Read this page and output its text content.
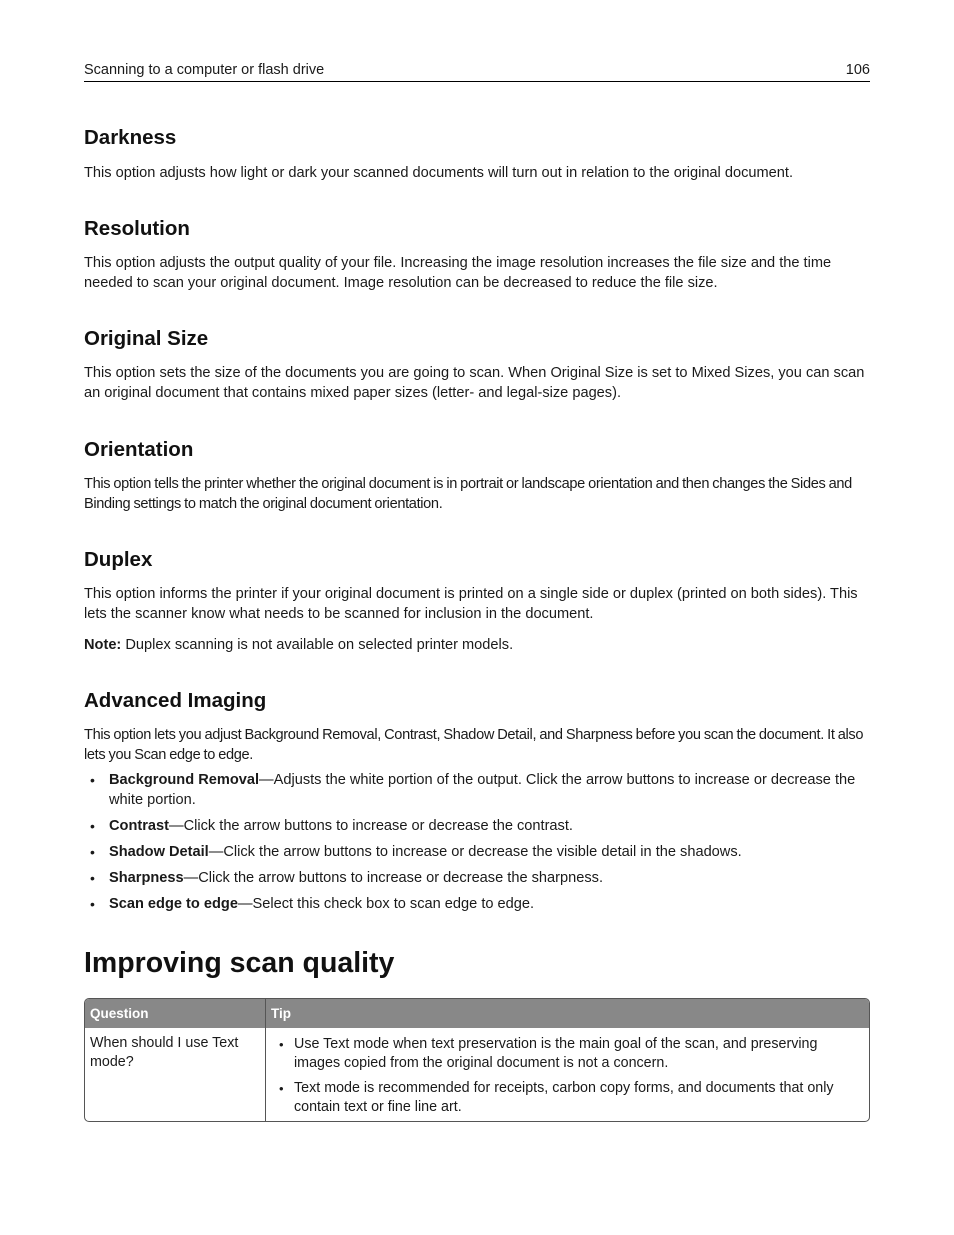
Scanning to a computer or flash drive	106
Darkness

This option adjusts how light or dark your scanned documents will turn out in relation to the original document.

Resolution

This option adjusts the output quality of your file. Increasing the image resolution increases the file size and the time needed to scan your original document. Image resolution can be decreased to reduce the file size.

Original Size

This option sets the size of the documents you are going to scan. When Original Size is set to Mixed Sizes, you can scan an original document that contains mixed paper sizes (letter- and legal-size pages).

Orientation

This option tells the printer whether the original document is in portrait or landscape orientation and then changes the Sides and Binding settings to match the original document orientation.

Duplex

This option informs the printer if your original document is printed on a single side or duplex (printed on both sides). This lets the scanner know what needs to be scanned for inclusion in the document.

Note: Duplex scanning is not available on selected printer models.

Advanced Imaging

This option lets you adjust Background Removal, Contrast, Shadow Detail, and Sharpness before you scan the document. It also lets you Scan edge to edge.

• Background Removal—Adjusts the white portion of the output. Click the arrow buttons to increase or decrease the white portion.
• Contrast—Click the arrow buttons to increase or decrease the contrast.
• Shadow Detail—Click the arrow buttons to increase or decrease the visible detail in the shadows.
• Sharpness—Click the arrow buttons to increase or decrease the sharpness.
• Scan edge to edge—Select this check box to scan edge to edge.
Improving scan quality
Question	Tip
When should I use Text mode?
• Use Text mode when text preservation is the main goal of the scan, and preserving images copied from the original document is not a concern.
• Text mode is recommended for receipts, carbon copy forms, and documents that only contain text or fine line art.
